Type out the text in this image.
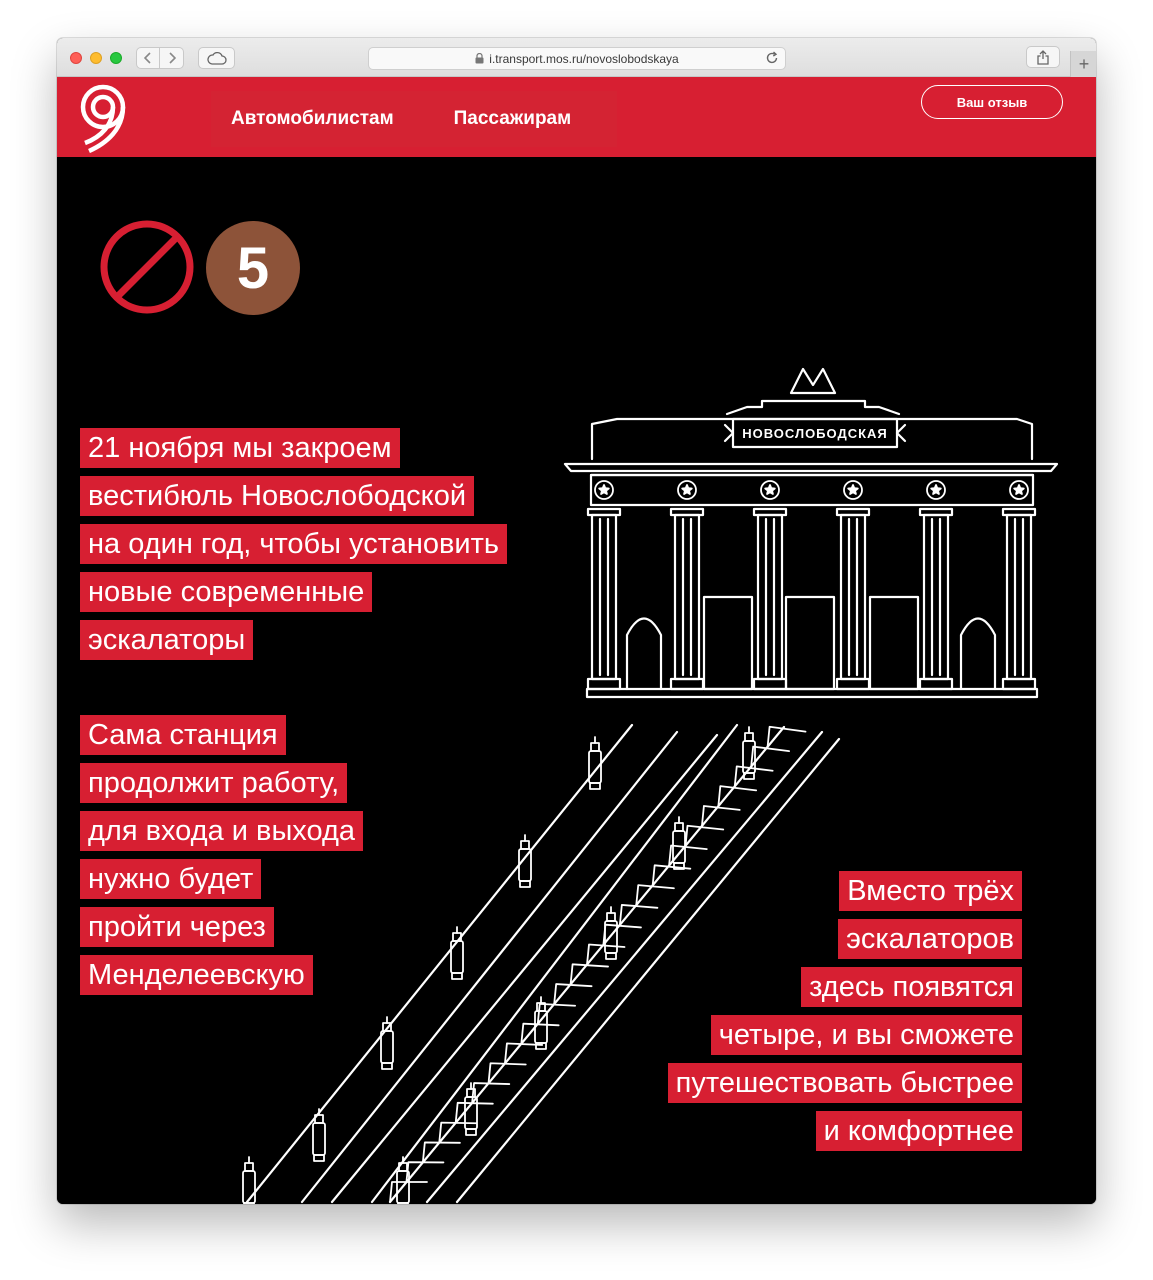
i.transport.mos.ru/novoslobodskaya	+
Автомобилистам	Пассажирам
Ваш отзыв
НОВОСЛОБОДСКАЯ
5
21 ноября мы закроем
вестибюль Новослободской
на один год, чтобы установить
новые современные
эскалаторы
Сама станция
продолжит работу,
для входа и выхода
нужно будет
пройти через
Менделеевскую
Вместо трёх
эскалаторов
здесь появятся
четыре, и вы сможете
путешествовать быстрее
и комфортнее
